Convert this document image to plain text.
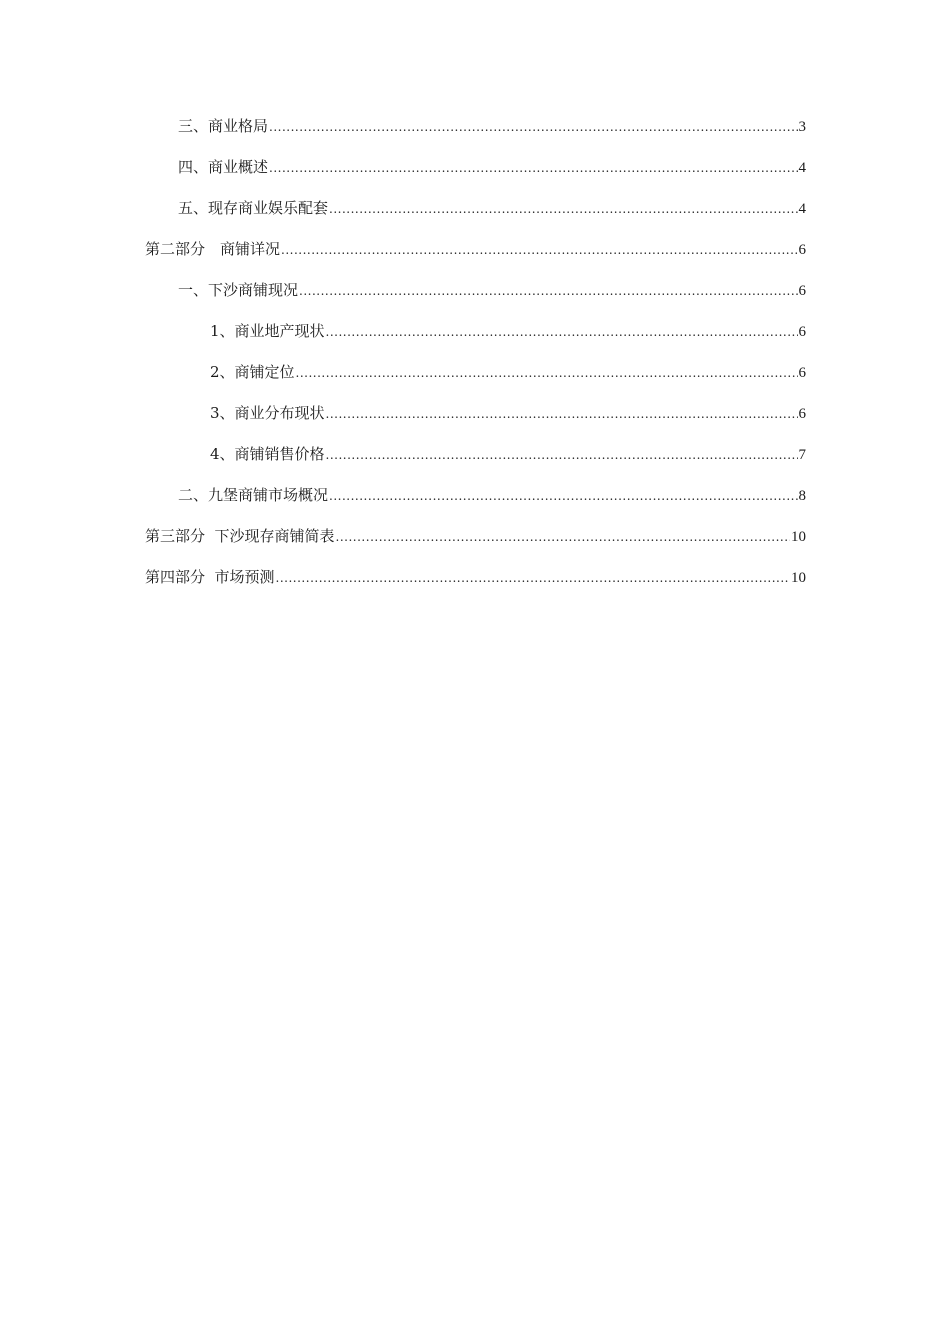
三、商业格局 .....	3
四、商业概述 .....	4
五、现存商业娱乐配套 .....	4
第二部分　商铺详况 .....	6
一、下沙商铺现况 .....	6
1、商业地产现状 .....	6
2、商铺定位 .....	6
3、商业分布现状 .....	6
4、商铺销售价格 .....	7
二、九堡商铺市场概况 .....	8
第三部分  下沙现存商铺简表 .....	10
第四部分  市场预测 .....	10
